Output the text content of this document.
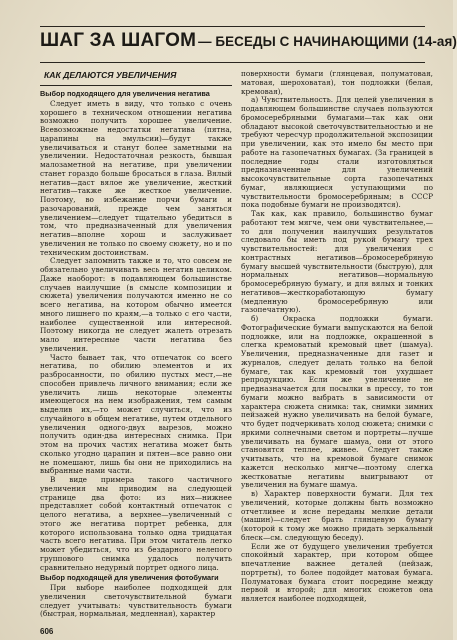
ШАГ ЗА ШАГОМ — БЕСЕДЫ С НАЧИНАЮЩИМИ (14-ая)
КАК ДЕЛАЮТСЯ УВЕЛИЧЕНИЯ
Выбор подходящего для увеличения негатива

Следует иметь в виду, что только с очень хорошего в техническом отношении негатива возможно получить хорошее увеличение. Всевозможные недостатки негатива (пятна, царапины на эмульсии)—будут также увеличиваться и станут более заметными на увеличении. Недостаточная резкость, бывшая малозаметной на негативе, при увеличении станет гораздо больше бросаться в глаза. Вялый негатив—даст вялое же увеличение, жесткий негатив—также же жесткое увеличение. Поэтому, во избежание порчи бумаги и разочарований, прежде чем заняться увеличением—следует тщательно убедиться в том, что предназначенный для увеличения негатив—вполне хорош и заслуживает увеличения не только по своему сюжету, но и по техническим достоинствам.

Следует запомнить также и то, что совсем не обязательно увеличивать весь негатив целиком. Даже наоборот: в подавляющем большинстве случаев наилучшие (в смысле композиции и сюжета) увеличения получаются именно не со всего негатива, на котором обычно имеется много лишнего по краям,—а только с его части, наиболее существенной или интересной. Поэтому никогда не следует жалеть отрезать мало интересные части негатива без увеличения.

Часто бывает так, что отпечаток со всего негатива, по обилию элементов и их разбросанности, по обилию пустых мест,—не способен привлечь личного внимания; если же увеличить лишь некоторые элементы имеющегося на нем изображения, тем самым выделив их,—то может случиться, что из случайного в общем негативе, путем отдельного увеличения одного-двух вырезов, можно получить один-два интересных снимка. При этом на прочих частях негатива может быть сколько угодно царапин и пятен—все равно они не помешают, лишь бы они не приходились на выбранные нами части.

В виде примера такого частичного увеличения мы приводим на следующей странице два фото: из них—нижнее представляет собой контактный отпечаток с целого негатива, а верхнее—увеличенный с этого же негатива портрет ребенка, для которого использована только одна тридцатая часть всего негатива. При этом читатель легко может убедиться, что из бездарного нелепого группового снимка удалось получить сравнительно недурный портрет одного лица.

Выбор подходящей для увеличения фотобумаги

При выборе наиболее подходящей для увеличения светочувствительной бумаги следует учитывать: чувствительность бумаги (быстрая, нормальная, медленная), характер

поверхности бумаги (глянцевая, полуматовая, матовая, шероховатая), тон подложки (белая, кремовая),

а) Чувствительность. Для целей увеличения в подавляющем большинстве случаев пользуются бромосеребряными бумагами—так как они обладают высокой светочувствительностью и не требуют чересчур продолжительной экспозиции при увеличении, как это имело бы место при работе на газопечатных бумагах. (За границей в последние годы стали изготовляться предназначенные для увеличений высокочувствительные сорта газопечатных бумаг, являющиеся уступающими по чувствительности бромосеребряным; в СССР пока подобные бумаги не производятся).

Так как, как правило, большинство бумаг работают тем мягче, чем они чувствительнее,—то для получения наилучших результатов следовало бы иметь под рукой бумагу трех чувствительностей: для увеличения с контрастных негативов—бромосеребряную бумагу высшей чувствительности (быструю), для нормальных негативов—нормальную бромосеребряную бумагу, и для вялых и тонких негативов—жесткоработающую бумагу (медленную бромосеребряную или газопечатную).

б) Окраска подложки бумаги. Фотографические бумаги выпускаются на белой подложке, или на подложке, окрашенной в слегка кремоватый кремовый цвет (шамуа). Увеличения, предназначенные для газет и журналов, следует делать только на белой бумаге, так как кремовый тон ухудшает репродукцию. Если же увеличение не предназначается для посылки в прессу, то тон бумаги можно выбрать в зависимости от характера сюжета снимка: так, снимки зимних пейзажей нужно увеличивать на белой бумаге, что будет подчеркивать холод сюжета; снимки с яркими солнечными светом и портреты—лучше увеличивать на бумаге шамуа, они от этого становятся теплее, живее. Следует также учитывать, что на кремовой бумаге снимок кажется несколько мягче—поэтому слегка жестковатые негативы выигрывают от увеличения на бумаге шамуа.

в) Характер поверхности бумаги. Для тех увеличений, которые должны быть возможно отчетливее и ясне переданы мелкие детали (машин)—следует брать глянцевую бумагу (которой к тому же можно придать зеркальный блеск—см. следующую беседу).

Если же от будущего увеличения требуется спокойный характер, при котором общее впечатление важнее деталей (пейзаж, портреты), то более подойдет матовая бумага. Полуматовая бумага стоит посредине между первой и второй; для многих сюжетов она является наиболее подходящей,

606
